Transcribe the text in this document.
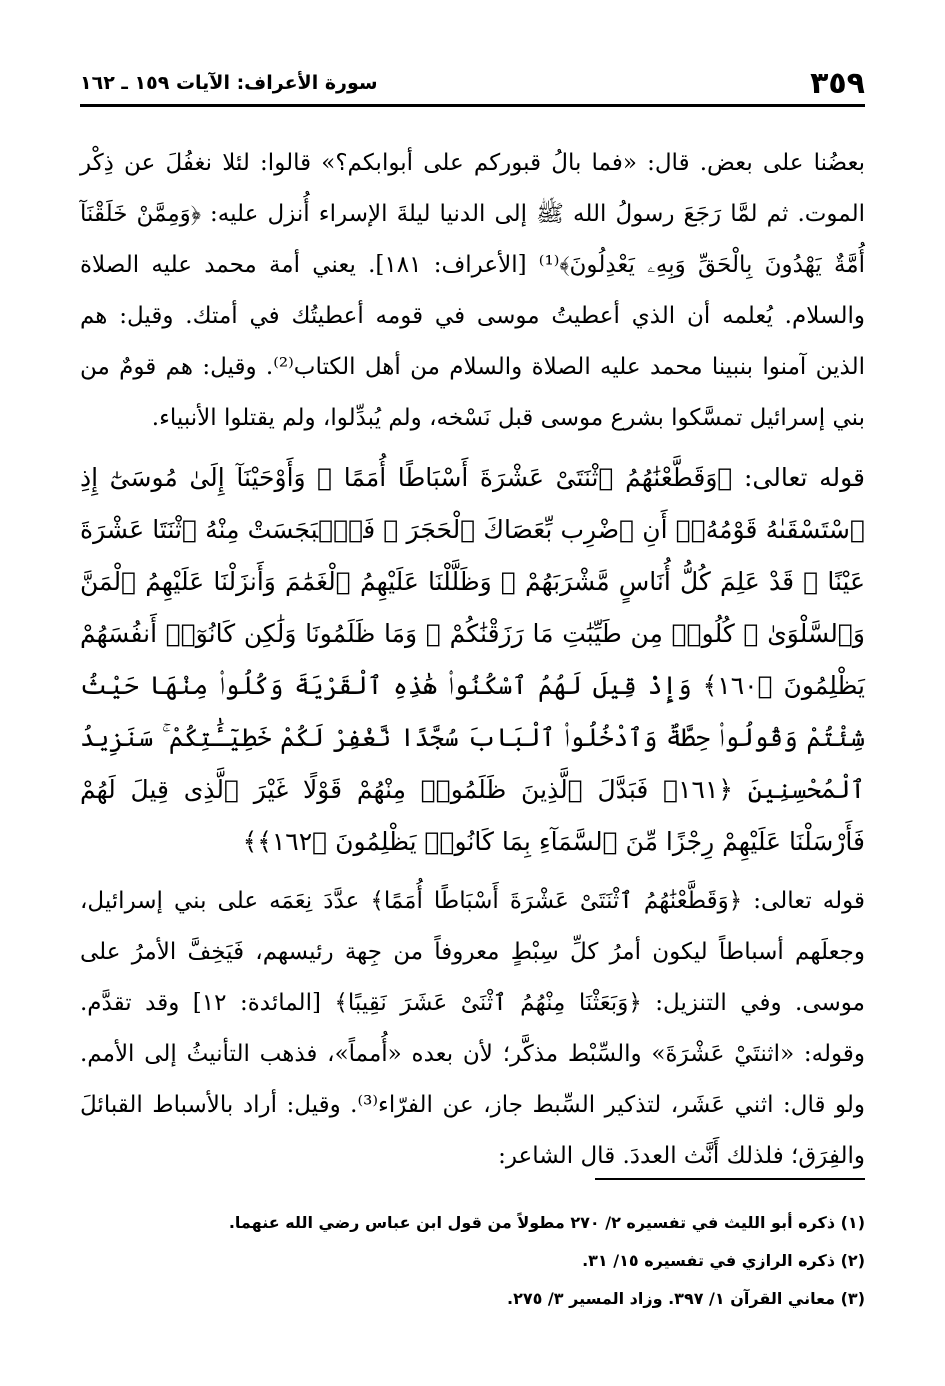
٣٥٩
سورة الأعراف: الآيات ١٥٩ ـ ١٦٢

بعضُنا على بعض. قال: «فما بالُ قبوركم على أبوابكم؟» قالوا: لئلا نغفُلَ عن ذِكْر الموت. ثم لمَّا رَجَعَ رسولُ الله ﷺ إلى الدنيا ليلةَ الإسراء أُنزل عليه: ﴿وَمِمَّنْ خَلَقْنَآ أُمَّةٌ يَهْدُونَ بِالْحَقِّ وَبِهِۦ يَعْدِلُونَ﴾⁽¹⁾ [الأعراف: ١٨١]. يعني أمة محمد عليه الصلاة والسلام. يُعلمه أن الذي أعطيتُ موسى في قومه أعطيتُك في أمتك. وقيل: هم الذين آمنوا بنبينا محمد عليه الصلاة والسلام من أهل الكتاب⁽²⁾. وقيل: هم قومٌ من بني إسرائيل تمسَّكوا بشرع موسى قبل نَسْخه، ولم يُبدِّلوا، ولم يقتلوا الأنبياء.

قوله تعالى: ﴿وَقَطَّعْنَٰهُمُ ٱثْنَتَىْ عَشْرَةَ أَسْبَاطًا أُمَمًا ۚ وَأَوْحَيْنَآ إِلَىٰ مُوسَىٰٓ إِذِ ٱسْتَسْقَىٰهُ قَوْمُهُۥٓ أَنِ ٱضْرِب بِّعَصَاكَ ٱلْحَجَرَ ۖ فَٱنۢبَجَسَتْ مِنْهُ ٱثْنَتَا عَشْرَةَ عَيْنًا ۖ قَدْ عَلِمَ كُلُّ أُنَاسٍ مَّشْرَبَهُمْ ۚ وَظَلَّلْنَا عَلَيْهِمُ ٱلْغَمَٰمَ وَأَنزَلْنَا عَلَيْهِمُ ٱلْمَنَّ وَٱلسَّلْوَىٰ ۖ كُلُوا۟ مِن طَيِّبَٰتِ مَا رَزَقْنَٰكُمْ ۚ وَمَا ظَلَمُونَا وَلَٰكِن كَانُوٓا۟ أَنفُسَهُمْ يَظْلِمُونَ ﴿١٦٠﴾ وَإِذْ قِيلَ لَهُمُ ٱسْكُنُوا۟ هَٰذِهِ ٱلْقَرْيَةَ وَكُلُوا۟ مِنْهَا حَيْثُ شِئْتُمْ وَقُولُوا۟ حِطَّةٌ وَٱدْخُلُوا۟ ٱلْبَابَ سُجَّدًا نَّغْفِرْ لَكُمْ خَطِيٓـَٰٔتِكُمْ ۚ سَنَزِيدُ ٱلْمُحْسِنِينَ ﴿١٦١﴾ فَبَدَّلَ ٱلَّذِينَ ظَلَمُوا۟ مِنْهُمْ قَوْلًا غَيْرَ ٱلَّذِى قِيلَ لَهُمْ فَأَرْسَلْنَا عَلَيْهِمْ رِجْزًا مِّنَ ٱلسَّمَآءِ بِمَا كَانُوا۟ يَظْلِمُونَ ﴿١٦٢﴾﴾

قوله تعالى: ﴿وَقَطَّعْنَٰهُمُ ٱثْنَتَىْ عَشْرَةَ أَسْبَاطًا أُمَمًا﴾ عدَّدَ نِعَمَه على بني إسرائيل، وجعلَهم أسباطاً ليكون أمرُ كلِّ سِبْطٍ معروفاً من جِهة رئيسهم، فَيَخِفَّ الأمرُ على موسى. وفي التنزيل: ﴿وَبَعَثْنَا مِنْهُمُ ٱثْنَىْ عَشَرَ نَقِيبًا﴾ [المائدة: ١٢] وقد تقدَّم. وقوله: «اثنتَيْ عَشْرَةَ» والسِّبْط مذكَّر؛ لأن بعده «أُمماً»، فذهب التأنيثُ إلى الأمم. ولو قال: اثني عَشَر، لتذكير السِّبط جاز، عن الفرّاء⁽³⁾. وقيل: أراد بالأسباط القبائلَ والفِرَق؛ فلذلك أَنَّث العددَ. قال الشاعر:

(١) ذكره أبو الليث في تفسيره ٢/ ٢٧٠ مطولاً من قول ابن عباس رضي الله عنهما.

(٢) ذكره الرازي في تفسيره ١٥/ ٣١.

(٣) معاني القرآن ١/ ٣٩٧. وزاد المسير ٣/ ٢٧٥.
